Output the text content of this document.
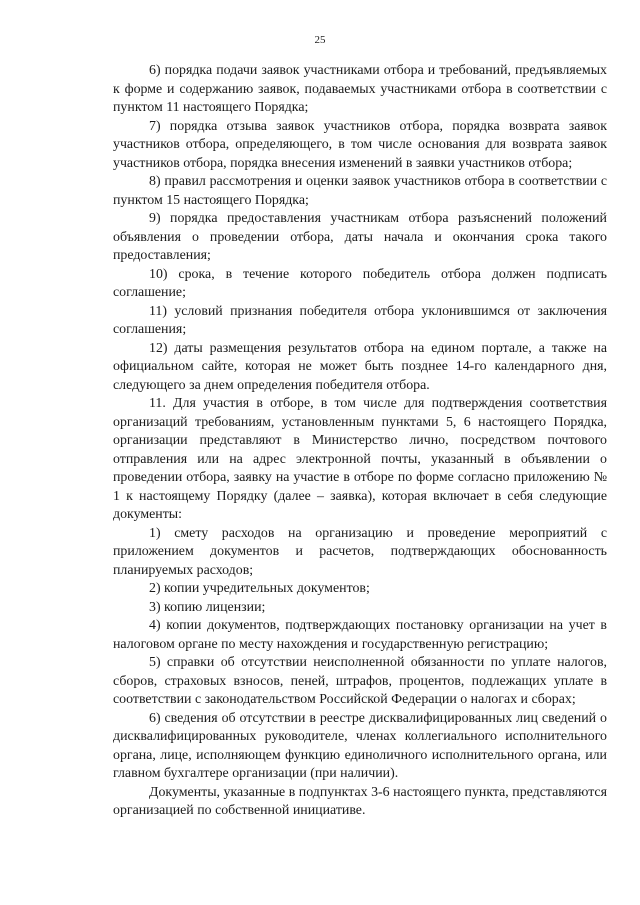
25

6) порядка подачи заявок участниками отбора и требований, предъявляемых к форме и содержанию заявок, подаваемых участниками отбора в соответствии с пунктом 11 настоящего Порядка;

7) порядка отзыва заявок участников отбора, порядка возврата заявок участников отбора, определяющего, в том числе основания для возврата заявок участников отбора, порядка внесения изменений в заявки участников отбора;

8) правил рассмотрения и оценки заявок участников отбора в соответствии с пунктом 15 настоящего Порядка;

9) порядка предоставления участникам отбора разъяснений положений объявления о проведении отбора, даты начала и окончания срока такого предоставления;

10) срока, в течение которого победитель отбора должен подписать соглашение;

11) условий признания победителя отбора уклонившимся от заключения соглашения;

12) даты размещения результатов отбора на едином портале, а также на официальном сайте, которая не может быть позднее 14-го календарного дня, следующего за днем определения победителя отбора.

11. Для участия в отборе, в том числе для подтверждения соответствия организаций требованиям, установленным пунктами 5, 6 настоящего Порядка, организации представляют в Министерство лично, посредством почтового отправления или на адрес электронной почты, указанный в объявлении о проведении отбора, заявку на участие в отборе по форме согласно приложению № 1 к настоящему Порядку (далее – заявка), которая включает в себя следующие документы:

1) смету расходов на организацию и проведение мероприятий с приложением документов и расчетов, подтверждающих обоснованность планируемых расходов;

2) копии учредительных документов;

3) копию лицензии;

4) копии документов, подтверждающих постановку организации на учет в налоговом органе по месту нахождения и государственную регистрацию;

5) справки об отсутствии неисполненной обязанности по уплате налогов, сборов, страховых взносов, пеней, штрафов, процентов, подлежащих уплате в соответствии с законодательством Российской Федерации о налогах и сборах;

6) сведения об отсутствии в реестре дисквалифицированных лиц сведений о дисквалифицированных руководителе, членах коллегиального исполнительного органа, лице, исполняющем функцию единоличного исполнительного органа, или главном бухгалтере организации (при наличии).

Документы, указанные в подпунктах 3-6 настоящего пункта, представляются организацией по собственной инициативе.
